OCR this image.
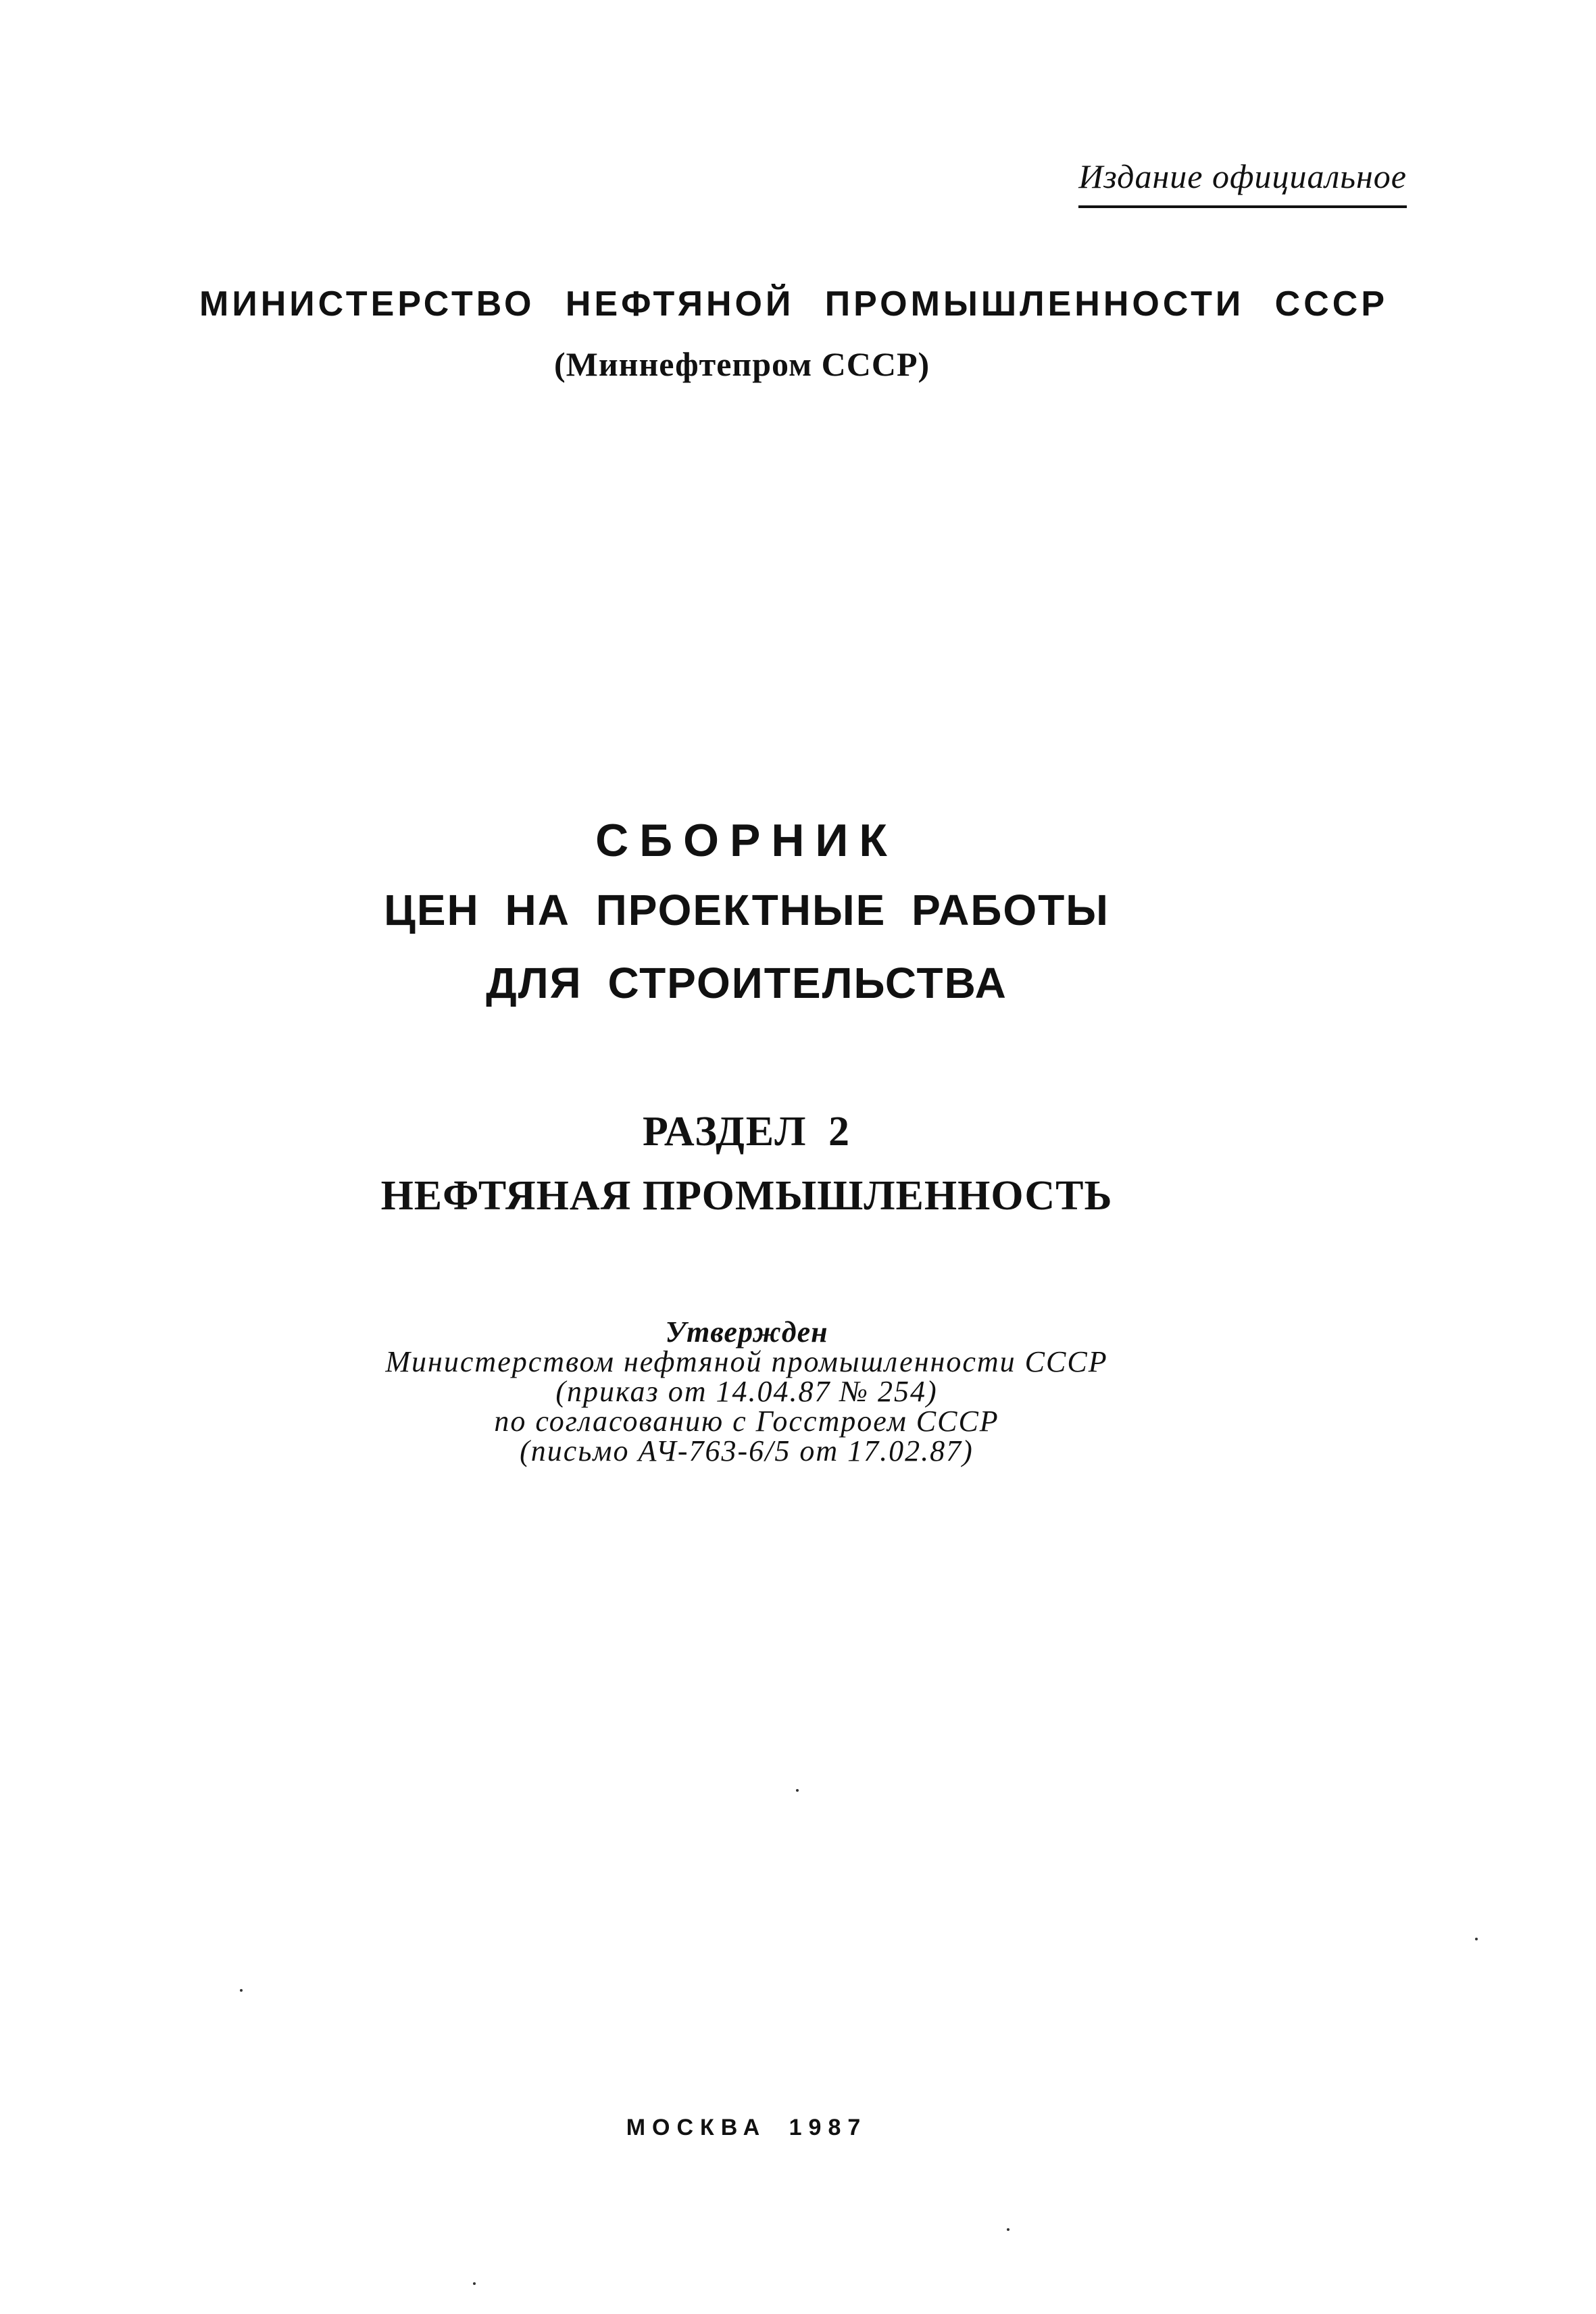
Издание официальное
МИНИСТЕРСТВО НЕФТЯНОЙ ПРОМЫШЛЕННОСТИ СССР
(Миннефтепром СССР)
СБОРНИК
ЦЕН НА ПРОЕКТНЫЕ РАБОТЫ
ДЛЯ СТРОИТЕЛЬСТВА
РАЗДЕЛ 2
НЕФТЯНАЯ ПРОМЫШЛЕННОСТЬ
Утвержден
Министерством нефтяной промышленности СССР
(приказ от 14.04.87 № 254)
по согласованию с Госстроем СССР
(письмо АЧ-763-6/5 от 17.02.87)
МОСКВА 1987
